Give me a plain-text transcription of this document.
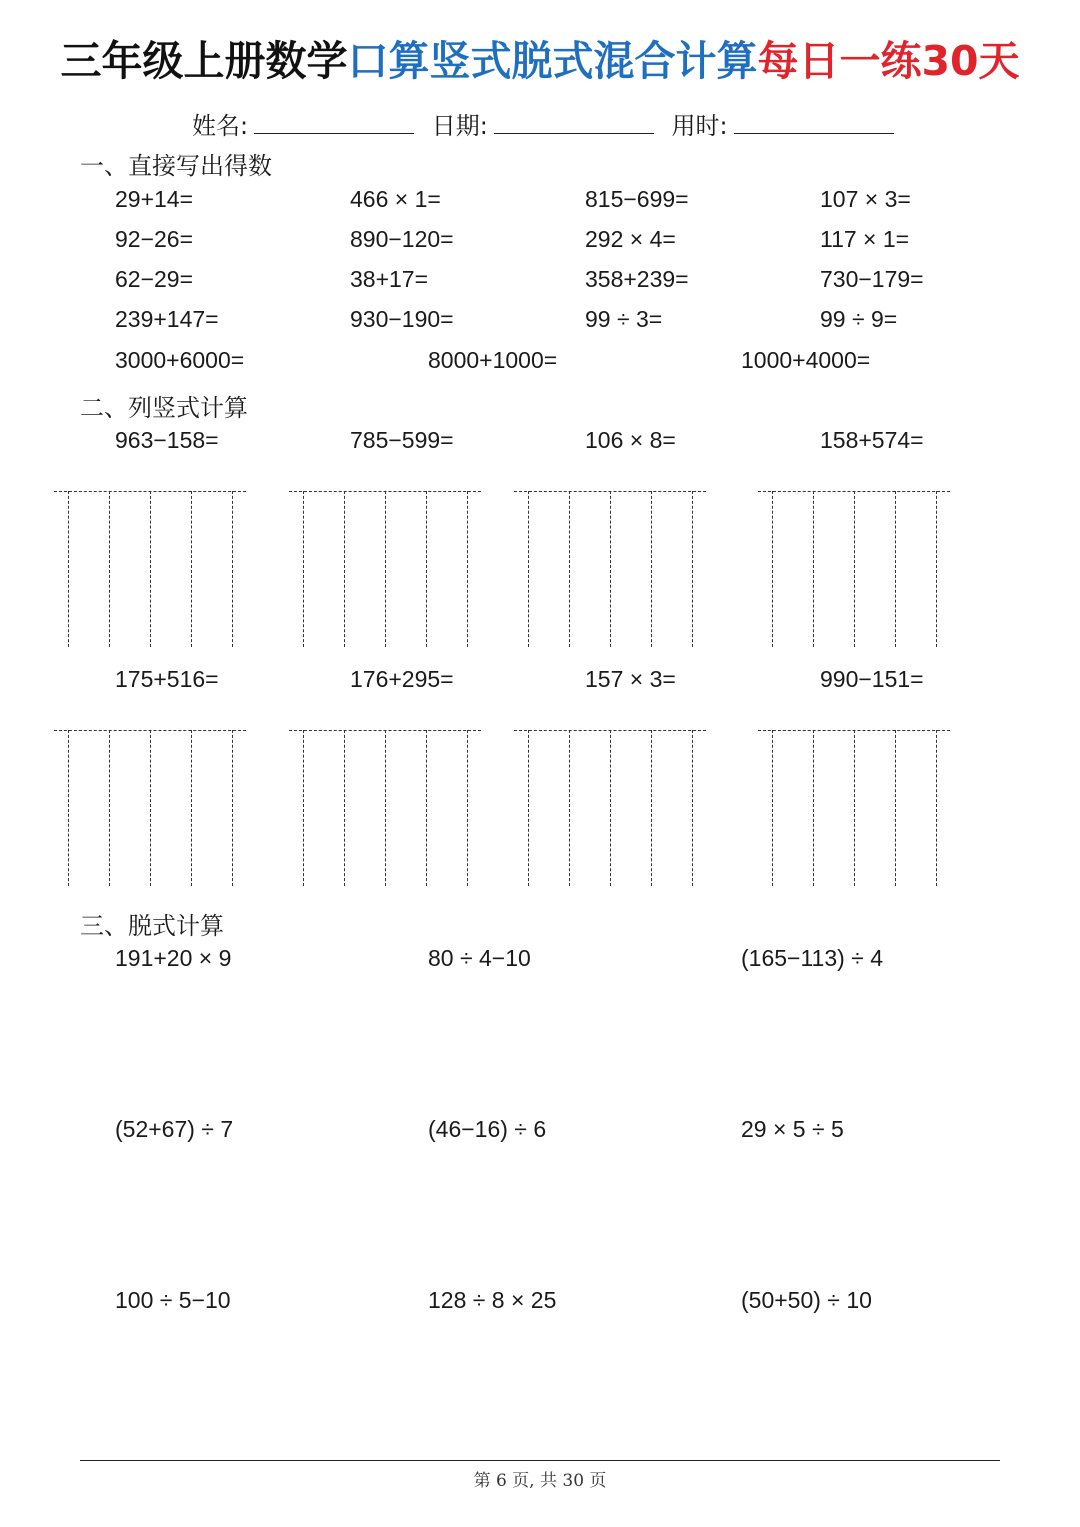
三年级上册数学口算竖式脱式混合计算每日一练30天
姓名:	日期:	用时:
一、直接写出得数
29+14=	466 × 1=	815−699=	107 × 3=
92−26=	890−120=	292 × 4=	117 × 1=
62−29=	38+17=	358+239=	730−179=
239+147=	930−190=	99 ÷ 3=	99 ÷ 9=
3000+6000=	8000+1000=	1000+4000=
二、列竖式计算
963−158=	785−599=	106 × 8=	158+574=
175+516=	176+295=	157 × 3=	990−151=
三、脱式计算
191+20 × 9	80 ÷ 4−10	(165−113) ÷ 4
(52+67) ÷ 7	(46−16) ÷ 6	29 × 5 ÷ 5
100 ÷ 5−10	128 ÷ 8 × 25	(50+50) ÷ 10
第 6 页, 共 30 页
